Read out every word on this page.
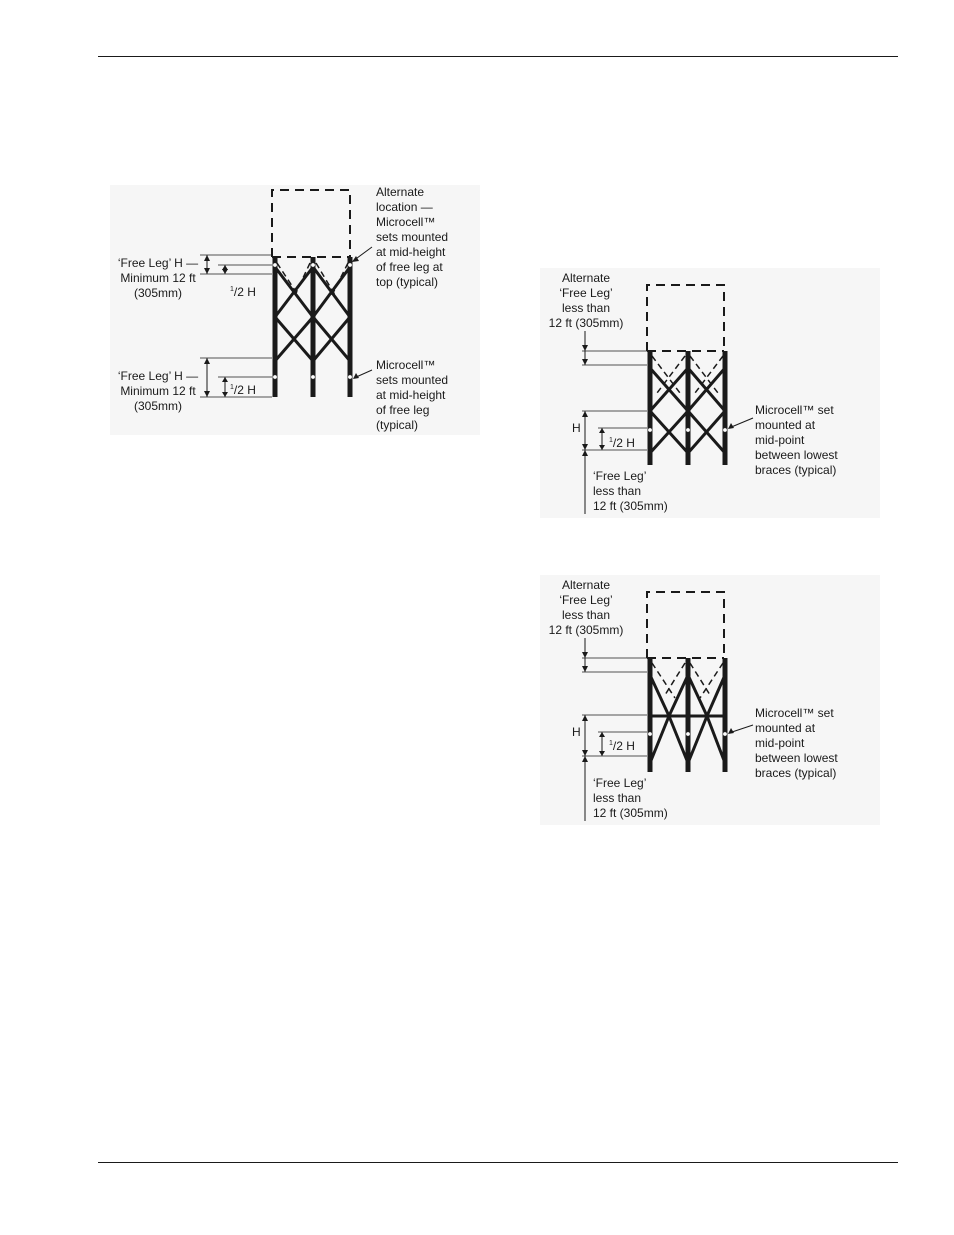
Alternate
location —
Microcell™
sets mounted
at mid-height
of free leg at
top (typical)
‘Free Leg’ H —
Minimum 12 ft
(305mm)	$^1$/2 H
‘Free Leg’ H —
Minimum 12 ft
(305mm)
$^1$/2 H
Microcell™
sets mounted
at mid-height
of free leg
(typical)
Alternate
‘Free Leg’
less than
12 ft (305mm)
H
$^1$/2 H
Microcell™ set
mounted at
mid-point
between lowest
braces (typical)
‘Free Leg’
less than
12 ft (305mm)
Alternate
‘Free Leg’
less than
12 ft (305mm)
H
$^1$/2 H
Microcell™ set
mounted at
mid-point
between lowest
braces (typical)
‘Free Leg’
less than
12 ft (305mm)
